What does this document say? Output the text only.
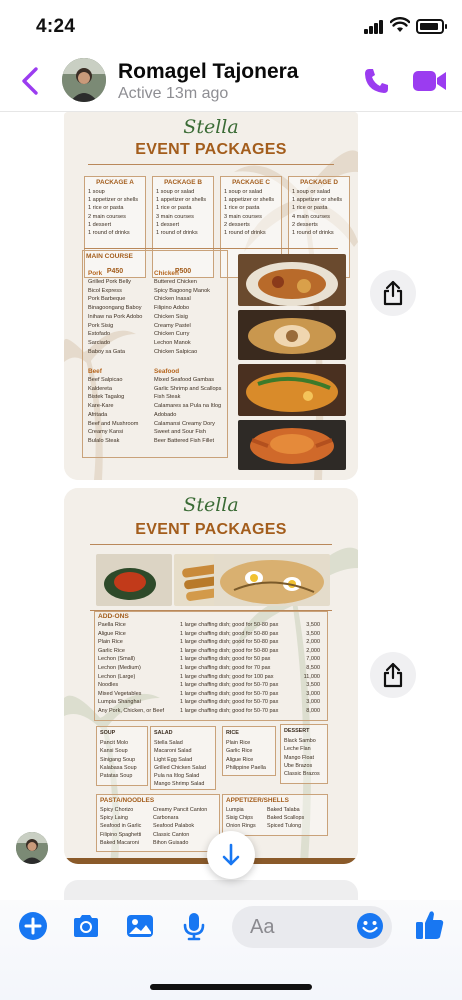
4:24
Romagel Tajonera
Active 13m ago
Stella
EVENT PACKAGES
PACKAGE A
1 soup
1 appetizer or shells
1 rice or pasta
2 main courses
1 dessert
1 round of drinks
P450
PACKAGE B
1 soup or salad
1 appetizer or shells
1 rice or pasta
3 main courses
1 dessert
1 round of drinks
P500
PACKAGE C
1 soup or salad
1 appetizer or shells
1 rice or pasta
3 main courses
2 desserts
1 round of drinks
PACKAGE D
1 soup or salad
1 appetizer or shells
1 rice or pasta
4 main courses
2 desserts
1 round of drinks
MAIN COURSE
Pork
Grilled Pork Belly
Bicol Express
Pork Barbeque
Binagoongang Baboy
Inihaw na Pork Adobo
Pork Sisig
Estofado
Sarciado
Baboy sa Gata
Chicken
Buttered Chicken
Spicy Bagoong Manok
Chicken Inasal
Filipino Adobo
Chicken Sisig
Creamy Pastel
Chicken Curry
Lechon Manok
Chicken Salpicao
Beef
Beef Salpicao
Kaldereta
Bistek Tagalog
Kare-Kare
Afritada
Beef and Mushroom
Creamy Kansi
Bulalo Steak
Seafood
Mixed Seafood Gambas
Garlic Shrimp and Scallops
Fish Steak
Calamares sa Pula na Itlog
Adobado
Calamansi Creamy Dory
Sweet and Sour Fish
Beer Battered Fish Fillet
Stella
EVENT PACKAGES
ADD-ONS
Paella Rice	1 large chaffing dish; good for 50-80 pax	3,500
Aligue Rice	1 large chaffing dish; good for 50-80 pax	3,500
Plain Rice	1 large chaffing dish; good for 50-80 pax	2,000
Garlic Rice	1 large chaffing dish; good for 50-80 pax	2,000
Lechon (Small)	1 large chaffing dish; good for 50 pax	7,000
Lechon (Medium)	1 large chaffing dish; good for 70 pax	8,500
Lechon (Large)	1 large chaffing dish; good for 100 pax	11,000
Noodles	1 large chaffing dish; good for 50-70 pax	3,500
Mixed Vegetables	1 large chaffing dish; good for 50-70 pax	3,000
Lumpia Shanghai	1 large chaffing dish; good for 50-70 pax	3,000
Any Pork, Chicken, or Beef	1 large chaffing dish; good for 50-70 pax	8,000
SOUP
Pancit Molo
Kansi Soup
Sinigang Soup
Kalabasa Soup
Patatas Soup
SALAD
Stella Salad
Macaroni Salad
Light Egg Salad
Grilled Chicken Salad
Pula na Itlog Salad
Mango Shrimp Salad
RICE
Plain Rice
Garlic Rice
Aligue Rice
Philippine Paella
DESSERT
Black Sambo
Leche Flan
Mango Float
Ube Brazos
Classic Brazos
PASTA/NOODLES
Spicy Chorizo
Spicy Laing
Seafood in Garlic
Filipino Spaghetti
Baked Macaroni
Creamy Pancit Canton
Carbonara
Seafood Palabok
Classic Canton
Bihon Guisado
APPETIZER/SHELLS
Lumpia
Sisig Chips
Onion Rings
Baked Talaba
Baked Scallops
Spiced Tulong
Aa
